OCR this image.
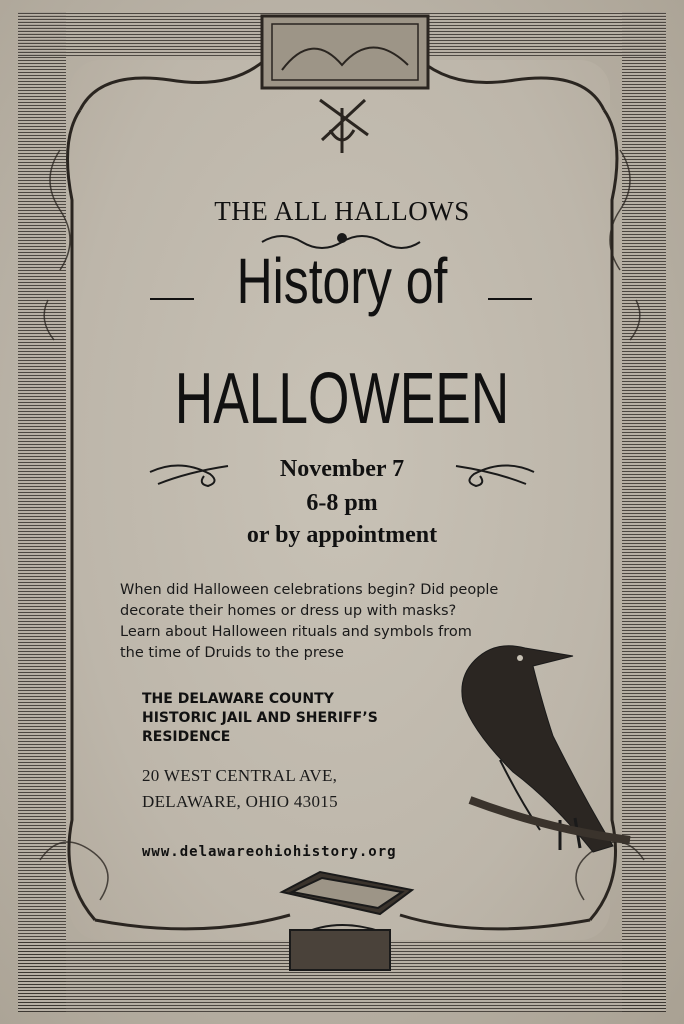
THE ALL HALLOWS
History of
HALLOWEEN
November 7
6-8 pm
or by appointment
When did Halloween celebrations begin? Did people decorate their homes or dress up with masks? Learn about Halloween rituals and symbols from the time of Druids to the prese
THE DELAWARE COUNTY
HISTORIC JAIL AND SHERIFF’S
RESIDENCE
20 WEST CENTRAL AVE,
DELAWARE, OHIO 43015
www.delawareohiohistory.org
